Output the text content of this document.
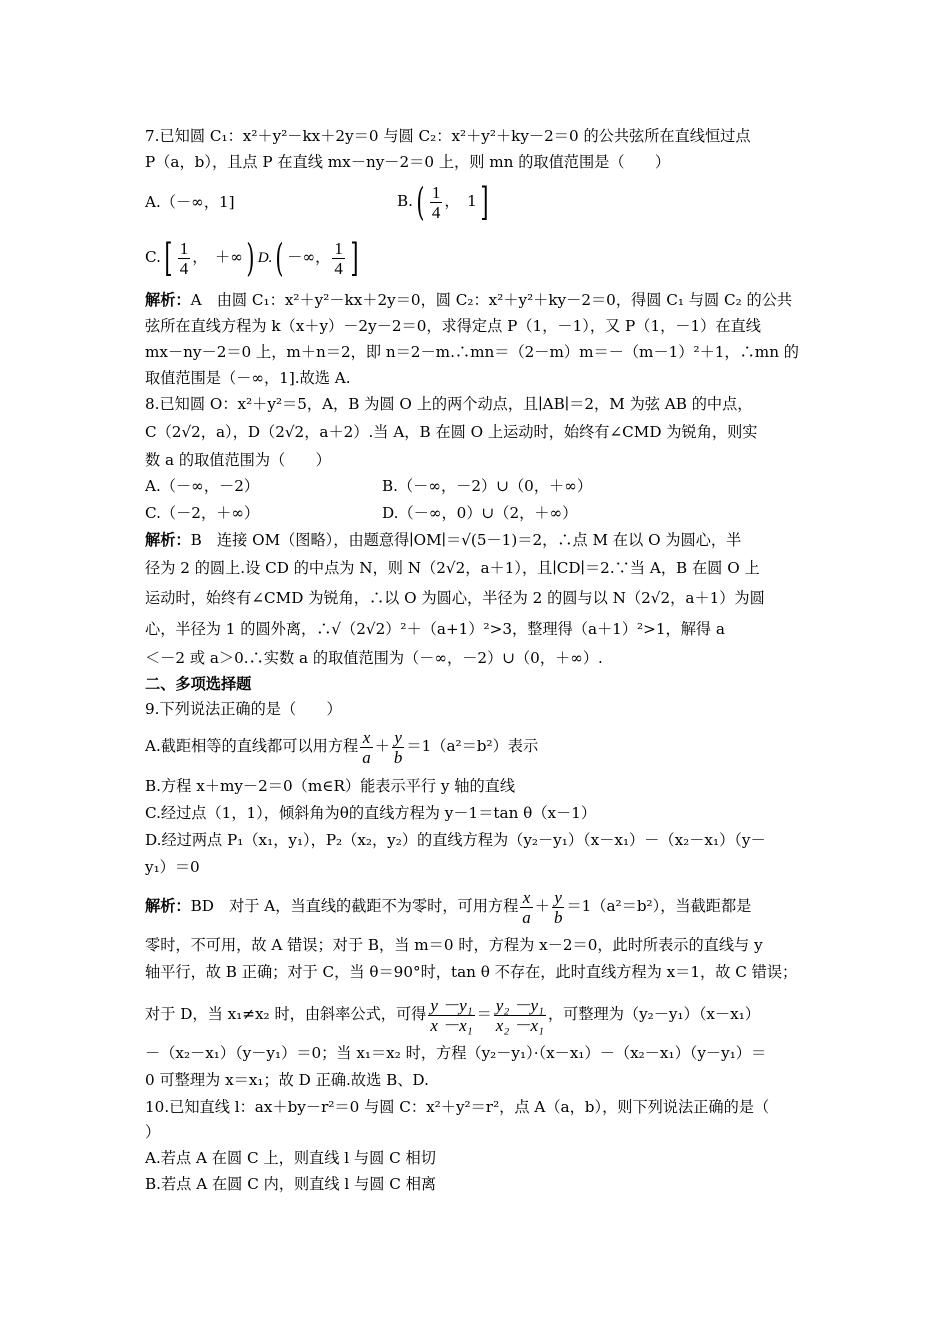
7.已知圆 C₁：x²＋y²－kx＋2y＝0 与圆 C₂：x²＋y²＋ky－2＝0 的公共弦所在直线恒过点
P（a，b），且点 P 在直线 mx－ny－2＝0 上，则 mn 的取值范围是（　　）
A.（－∞，1]	$B.( \frac{1}{4}$ ，　1]
$C.[ \frac{1}{4}$ ，　＋∞) D.( －∞， $\frac{1}{4}$ ]
解析：A　由圆 C₁：x²＋y²－kx＋2y＝0，圆 C₂：x²＋y²＋ky－2＝0，得圆 C₁ 与圆 C₂ 的公共
弦所在直线方程为 k（x＋y）－2y－2＝0，求得定点 P（1，－1），又 P（1，－1）在直线
mx－ny－2＝0 上，m＋n＝2，即 n＝2－m.∴mn＝（2－m）m＝－（m－1）²＋1，∴mn 的
取值范围是（－∞，1].故选 A.
8.已知圆 O：x²＋y²＝5，A，B 为圆 O 上的两个动点，且∣AB∣＝2，M 为弦 AB 的中点，
C（2√2，a），D（2√2，a＋2）.当 A，B 在圆 O 上运动时，始终有∠CMD 为锐角，则实
数 a 的取值范围为（　　）
A.（－∞，－2）	B.（－∞，－2）∪（0，＋∞）
C.（－2，＋∞）	D.（－∞，0）∪（2，＋∞）
解析：B　连接 OM（图略），由题意得∣OM∣＝√(5－1)＝2，∴点 M 在以 O 为圆心，半
径为 2 的圆上.设 CD 的中点为 N，则 N（2√2，a＋1），且∣CD∣＝2.∵当 A，B 在圆 O 上
运动时，始终有∠CMD 为锐角，∴以 O 为圆心，半径为 2 的圆与以 N（2√2，a＋1）为圆
心，半径为 1 的圆外离，∴√（2√2）²＋（a+1）²>3，整理得（a＋1）²>1，解得 a
＜－2 或 a＞0.∴实数 a 的取值范围为（－∞，－2）∪（0，＋∞）.
二、多项选择题
9.下列说法正确的是（　　）
A.截距相等的直线都可以用方程 $\frac{x}{a} + \frac{y}{b} =1(a^2=b^2)$表示
B.方程 x＋my－2＝0（m∈R）能表示平行 y 轴的直线
C.经过点（1，1），倾斜角为θ的直线方程为 y－1＝tan θ（x－1）
D.经过两点 P₁（x₁，y₁），P₂（x₂，y₂）的直线方程为（y₂－y₁）（x－x₁）－（x₂－x₁）（y－
y₁）＝0
解析：BD　对于 A，当直线的截距不为零时，可用方程 $\frac{x}{a} + \frac{y}{b} =1(a^2=b^2)$，当截距都是
零时，不可用，故 A 错误；对于 B，当 m＝0 时，方程为 x－2＝0，此时所表示的直线与 y
轴平行，故 B 正确；对于 C，当 θ＝90°时，tan θ 不存在，此时直线方程为 x＝1，故 C 错误；
对于 D，当 x₁≠x₂ 时，由斜率公式，可得 $\frac{\text{y －y₁}}{\text{x －x₁}} = \frac{\text{y₂ －y₁}}{\text{x₂ －x₁}}$ ，可整理为（y₂－y₁）（x－x₁）
－（x₂－x₁）（y－y₁）＝0；当 x₁＝x₂ 时，方程（y₂－y₁）·（x－x₁）－（x₂－x₁）（y－y₁）＝
0 可整理为 x＝x₁；故 D 正确.故选 B、D.
10.已知直线 l：ax＋by－r²＝0 与圆 C：x²＋y²＝r²，点 A（a，b），则下列说法正确的是（
）
A.若点 A 在圆 C 上，则直线 l 与圆 C 相切
B.若点 A 在圆 C 内，则直线 l 与圆 C 相离
